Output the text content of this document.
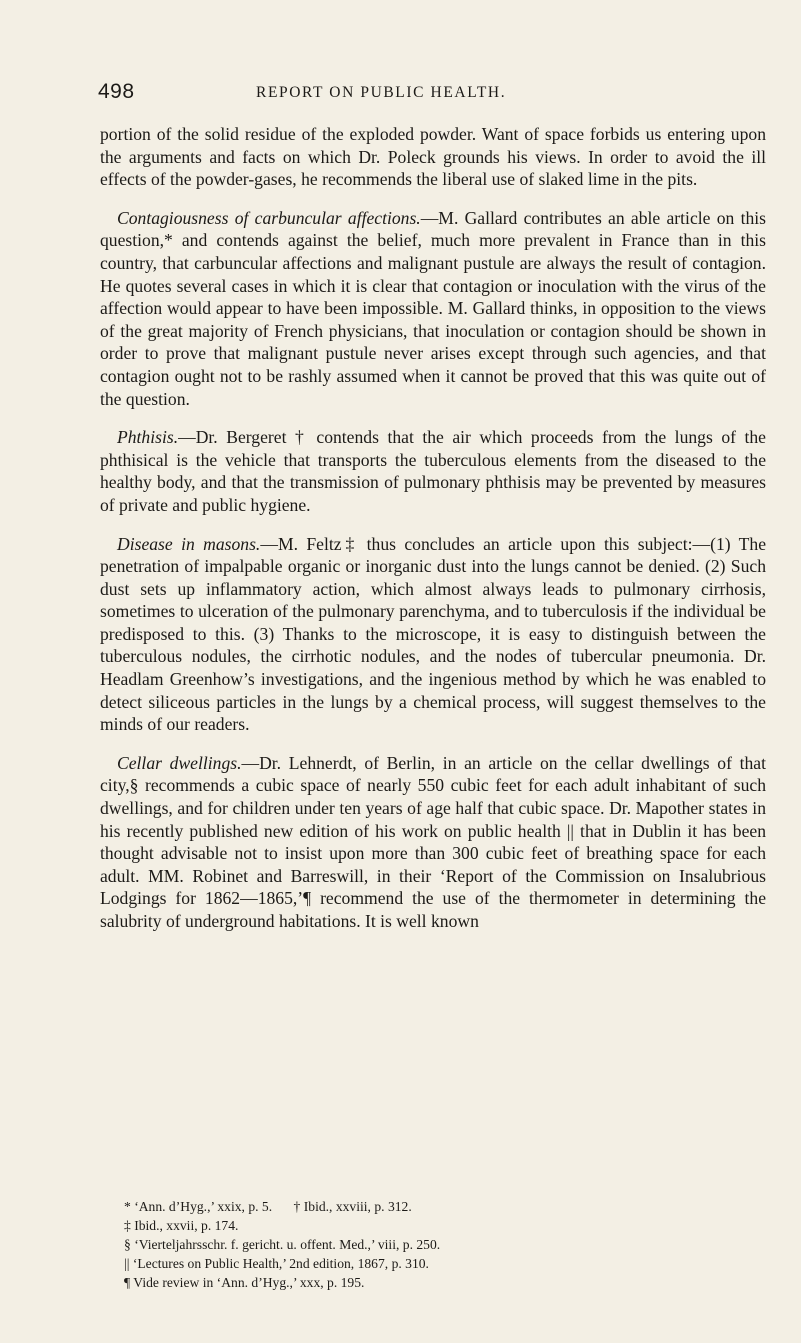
498	REPORT ON PUBLIC HEALTH.

portion of the solid residue of the exploded powder. Want of space forbids us entering upon the arguments and facts on which Dr. Poleck grounds his views. In order to avoid the ill effects of the powder-gases, he recommends the liberal use of slaked lime in the pits.

Contagiousness of carbuncular affections.—M. Gallard contributes an able article on this question,* and contends against the belief, much more prevalent in France than in this country, that carbuncular affections and malignant pustule are always the result of contagion. He quotes several cases in which it is clear that contagion or inoculation with the virus of the affection would appear to have been impossible. M. Gallard thinks, in opposition to the views of the great majority of French physicians, that inoculation or contagion should be shown in order to prove that malignant pustule never arises except through such agencies, and that contagion ought not to be rashly assumed when it cannot be proved that this was quite out of the question.

Phthisis.—Dr. Bergeret † contends that the air which proceeds from the lungs of the phthisical is the vehicle that transports the tuberculous elements from the diseased to the healthy body, and that the transmission of pulmonary phthisis may be prevented by measures of private and public hygiene.

Disease in masons.—M. Feltz‡ thus concludes an article upon this subject:—(1) The penetration of impalpable organic or inorganic dust into the lungs cannot be denied. (2) Such dust sets up inflammatory action, which almost always leads to pulmonary cirrhosis, sometimes to ulceration of the pulmonary parenchyma, and to tuberculosis if the individual be predisposed to this. (3) Thanks to the microscope, it is easy to distinguish between the tuberculous nodules, the cirrhotic nodules, and the nodes of tubercular pneumonia. Dr. Headlam Greenhow’s investigations, and the ingenious method by which he was enabled to detect siliceous particles in the lungs by a chemical process, will suggest themselves to the minds of our readers.

Cellar dwellings.—Dr. Lehnerdt, of Berlin, in an article on the cellar dwellings of that city,§ recommends a cubic space of nearly 550 cubic feet for each adult inhabitant of such dwellings, and for children under ten years of age half that cubic space. Dr. Mapother states in his recently published new edition of his work on public health || that in Dublin it has been thought advisable not to insist upon more than 300 cubic feet of breathing space for each adult. MM. Robinet and Barreswill, in their ‘Report of the Commission on Insalubrious Lodgings for 1862—1865,’¶ recommend the use of the thermometer in determining the salubrity of underground habitations. It is well known

* ‘Ann. d’Hyg.,’ xxix, p. 5. † Ibid., xxviii, p. 312.
‡ Ibid., xxvii, p. 174.
§ ‘Vierteljahrsschr. f. gericht. u. offent. Med.,’ viii, p. 250.
|| ‘Lectures on Public Health,’ 2nd edition, 1867, p. 310.
¶ Vide review in ‘Ann. d’Hyg.,’ xxx, p. 195.
